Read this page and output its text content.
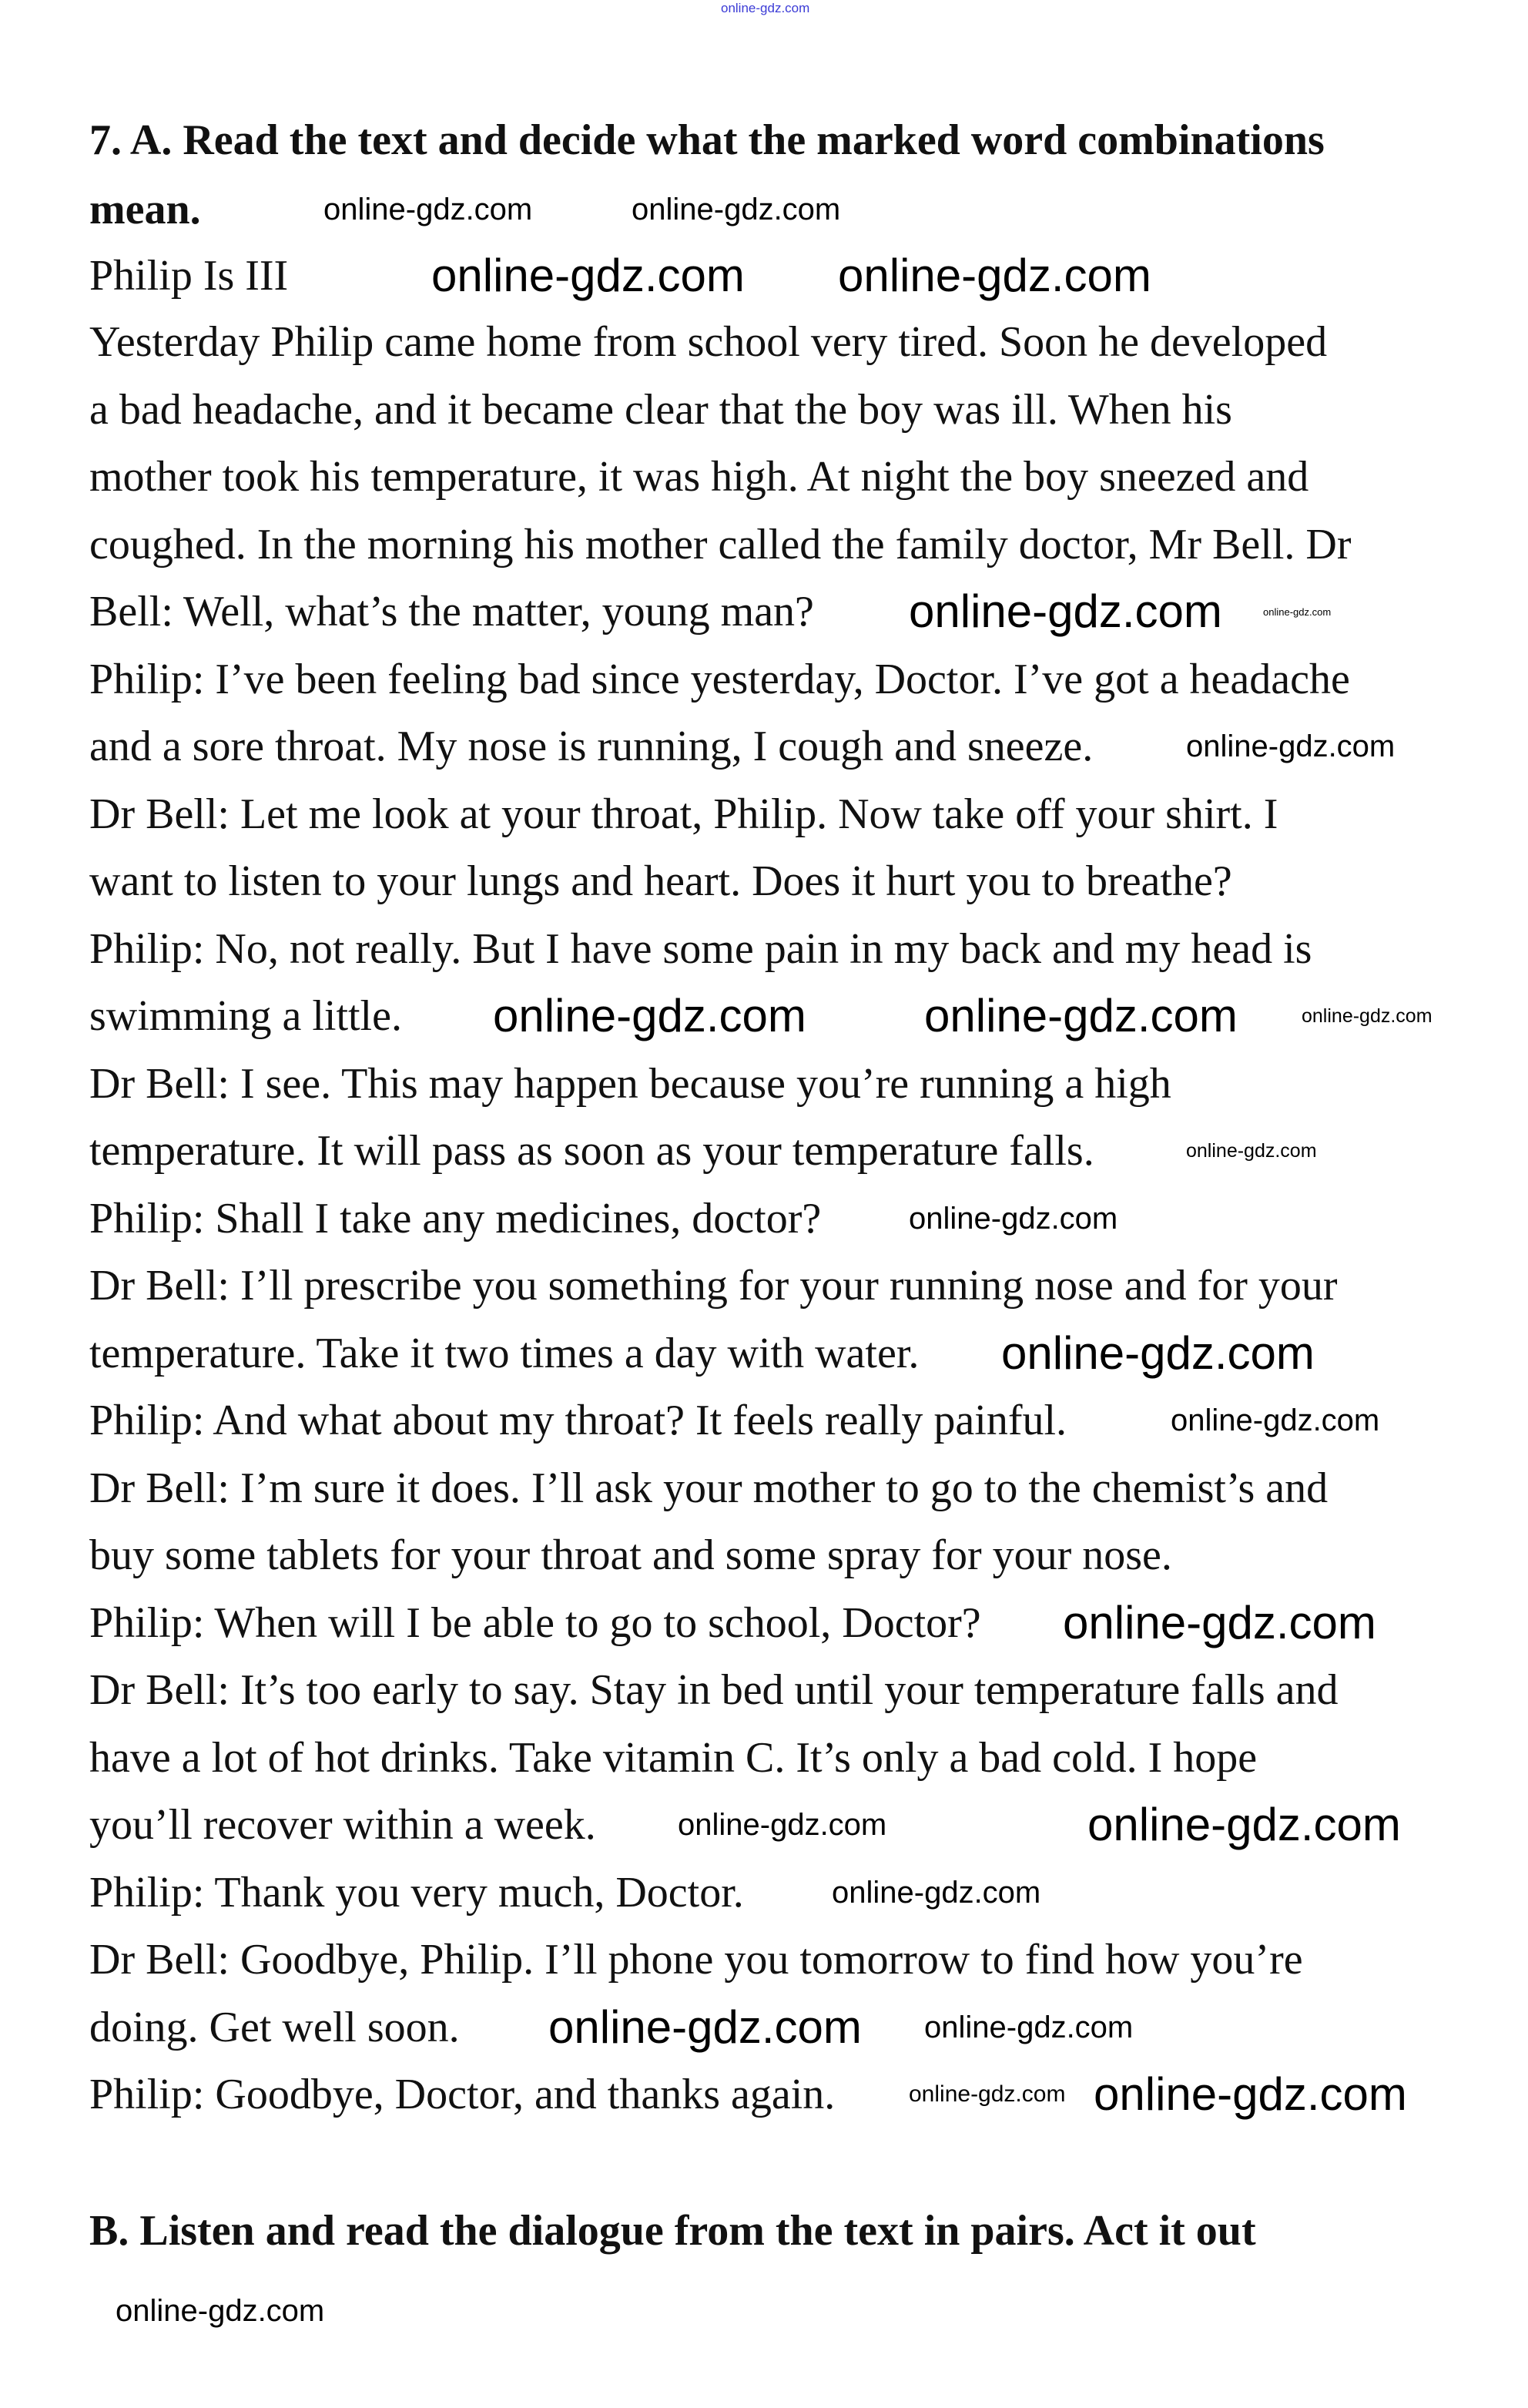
online-gdz.com
7. A. Read the text and decide what the marked word combinations
mean.
Philip Is III
Yesterday Philip came home from school very tired. Soon he developed
a bad headache, and it became clear that the boy was ill. When his
mother took his temperature, it was high. At night the boy sneezed and
coughed. In the morning his mother called the family doctor, Mr Bell. Dr
Bell: Well, what’s the matter, young man?
Philip: I’ve been feeling bad since yesterday, Doctor. I’ve got a headache
and a sore throat. My nose is running, I cough and sneeze.
Dr Bell: Let me look at your throat, Philip. Now take off your shirt. I
want to listen to your lungs and heart. Does it hurt you to breathe?
Philip: No, not really. But I have some pain in my back and my head is
swimming a little.
Dr Bell: I see. This may happen because you’re running a high
temperature. It will pass as soon as your temperature falls.
Philip: Shall I take any medicines, doctor?
Dr Bell: I’ll prescribe you something for your running nose and for your
temperature. Take it two times a day with water.
Philip: And what about my throat? It feels really painful.
Dr Bell: I’m sure it does. I’ll ask your mother to go to the chemist’s and
buy some tablets for your throat and some spray for your nose.
Philip: When will I be able to go to school, Doctor?
Dr Bell: It’s too early to say. Stay in bed until your temperature falls and
have a lot of hot drinks. Take vitamin C. It’s only a bad cold. I hope
you’ll recover within a week.
Philip: Thank you very much, Doctor.
Dr Bell: Goodbye, Philip. I’ll phone you tomorrow to find how you’re
doing. Get well soon.
Philip: Goodbye, Doctor, and thanks again.
B. Listen and read the dialogue from the text in pairs. Act it out
online-gdz.com online-gdz.com
online-gdz.com
online-gdz.com	online-gdz.com
online-gdz.com
online-gdz.com
online-gdz.com
online-gdz.com
online-gdz.com
online-gdz.com	online-gdz.com
online-gdz.com
online-gdz.com
online-gdz.com
online-gdz.com
online-gdz.com
online-gdz.com
online-gdz.com
online-gdz.com
online-gdz.com
online-gdz.com
online-gdz.com
